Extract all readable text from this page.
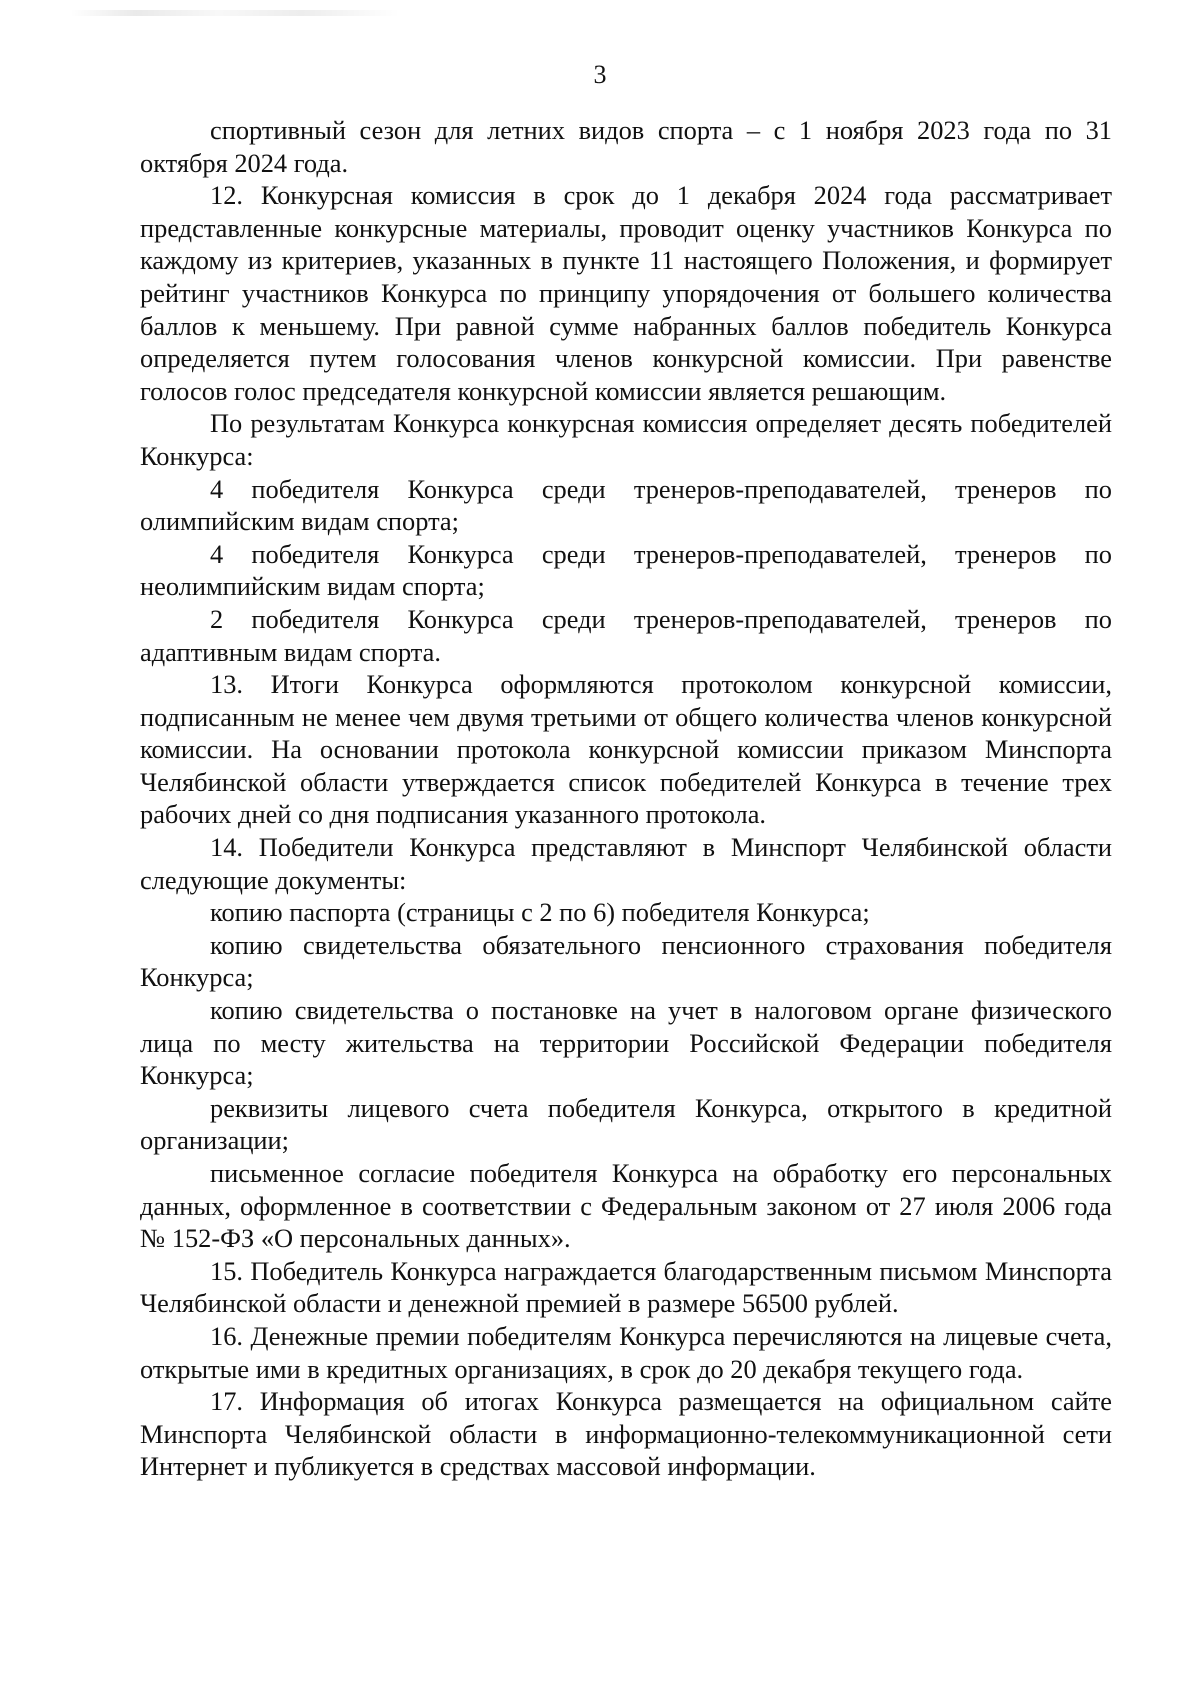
3

спортивный сезон для летних видов спорта – с 1 ноября 2023 года по 31 октября 2024 года.

12. Конкурсная комиссия в срок до 1 декабря 2024 года рассматривает представленные конкурсные материалы, проводит оценку участников Конкурса по каждому из критериев, указанных в пункте 11 настоящего Положения, и формирует рейтинг участников Конкурса по принципу упорядочения от большего количества баллов к меньшему. При равной сумме набранных баллов победитель Конкурса определяется путем голосования членов конкурсной комиссии. При равенстве голосов голос председателя конкурсной комиссии является решающим.

По результатам Конкурса конкурсная комиссия определяет десять победителей Конкурса:

4 победителя Конкурса среди тренеров-преподавателей, тренеров по олимпийским видам спорта;

4 победителя Конкурса среди тренеров-преподавателей, тренеров по неолимпийским видам спорта;

2 победителя Конкурса среди тренеров-преподавателей, тренеров по адаптивным видам спорта.

13. Итоги Конкурса оформляются протоколом конкурсной комиссии, подписанным не менее чем двумя третьими от общего количества членов конкурсной комиссии. На основании протокола конкурсной комиссии приказом Минспорта Челябинской области утверждается список победителей Конкурса в течение трех рабочих дней со дня подписания указанного протокола.

14. Победители Конкурса представляют в Минспорт Челябинской области следующие документы:

копию паспорта (страницы с 2 по 6) победителя Конкурса;

копию свидетельства обязательного пенсионного страхования победителя Конкурса;

копию свидетельства о постановке на учет в налоговом органе физического лица по месту жительства на территории Российской Федерации победителя Конкурса;

реквизиты лицевого счета победителя Конкурса, открытого в кредитной организации;

письменное согласие победителя Конкурса на обработку его персональных данных, оформленное в соответствии с Федеральным законом от 27 июля 2006 года № 152-ФЗ «О персональных данных».

15. Победитель Конкурса награждается благодарственным письмом Минспорта Челябинской области и денежной премией в размере 56500 рублей.

16. Денежные премии победителям Конкурса перечисляются на лицевые счета, открытые ими в кредитных организациях, в срок до 20 декабря текущего года.

17. Информация об итогах Конкурса размещается на официальном сайте Минспорта Челябинской области в информационно-телекоммуникационной сети Интернет и публикуется в средствах массовой информации.
